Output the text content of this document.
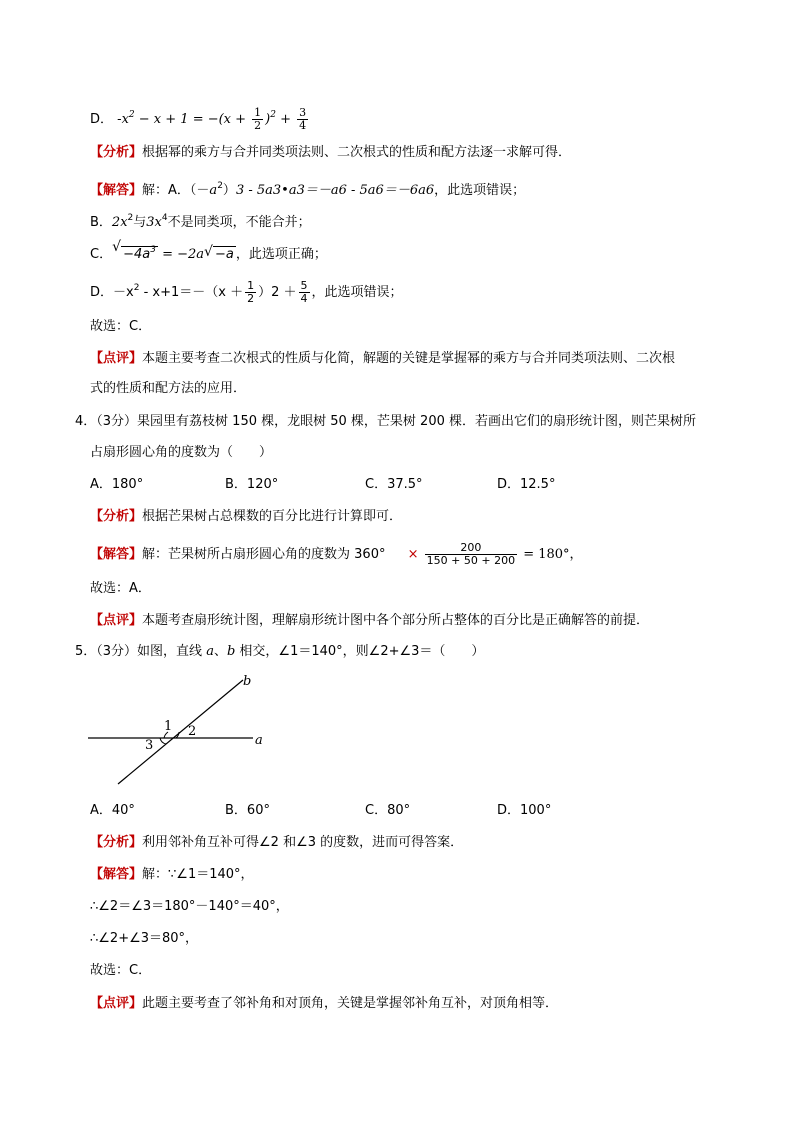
D． $-x^2 - x + 1 = -(x + \frac{1}{2} )^2 + \frac{3}{4}$
【分析】根据幂的乘方与合并同类项法则、二次根式的性质和配方法逐一求解可得．
【解答】解：A．$(-a^2)3$ - 5a3•a3＝－a6 - 5a6＝－6a6，此选项错误；
B．$2x^2$与$3x^4$不是同类项，不能合并；
C． √ $-4a^3 = -2a$ √ −a ，此选项正确；
D．$-x^2 - x+1=-(x + \frac{1}{2} )2 + \frac{5}{4}$ ，此选项错误；
故选：C．
【点评】本题主要考查二次根式的性质与化简，解题的关键是掌握幂的乘方与合并同类项法则、二次根
式的性质和配方法的应用．
4．（3分）果园里有荔枝树 150 棵，龙眼树 50 棵，芒果树 200 棵．若画出它们的扇形统计图，则芒果树所
占扇形圆心角的度数为（　　）
A．180°	B．120°	C．37.5°	D．12.5°
【分析】根据芒果树占总棵数的百分比进行计算即可．
【解答】解：芒果树所占扇形圆心角的度数为 $360^\circ \times \frac{200}{150 + 50 + 200} = 180^\circ$，
故选：A．
【点评】本题考查扇形统计图，理解扇形统计图中各个部分所占整体的百分比是正确解答的前提．
5．（3分）如图，直线 a、b 相交，∠1＝140°，则∠2+∠3＝（　　）
b
a
1 2
3
A．40°	B．60°	C．80°	D．100°
【分析】利用邻补角互补可得∠2 和∠3 的度数，进而可得答案．
【解答】解：∵∠1＝140°，
∴∠2＝∠3＝180°－140°＝40°，
∴∠2+∠3＝80°，
故选：C．
【点评】此题主要考查了邻补角和对顶角，关键是掌握邻补角互补，对顶角相等．
